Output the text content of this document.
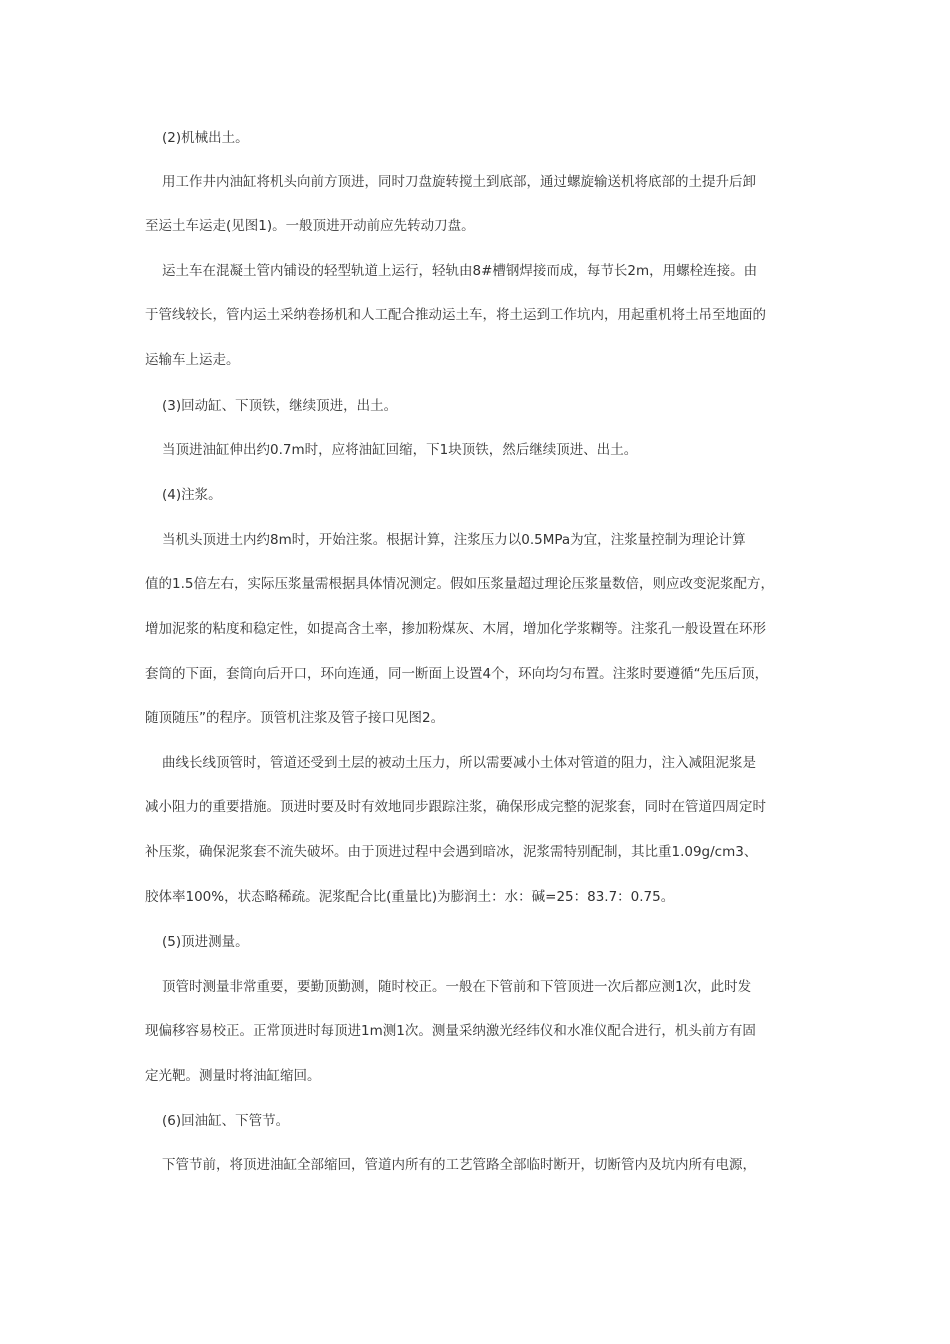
(2)机械出土。
用工作井内油缸将机头向前方顶进，同时刀盘旋转搅土到底部，通过螺旋输送机将底部的土提升后卸
至运土车运走(见图1)。一般顶进开动前应先转动刀盘。
运土车在混凝土管内铺设的轻型轨道上运行，轻轨由8#槽钢焊接而成，每节长2m，用螺栓连接。由
于管线较长，管内运土采纳卷扬机和人工配合推动运土车，将土运到工作坑内，用起重机将土吊至地面的
运输车上运走。
(3)回动缸、下顶铁，继续顶进，出土。
当顶进油缸伸出约0.7m时，应将油缸回缩，下1块顶铁，然后继续顶进、出土。
(4)注浆。
当机头顶进土内约8m时，开始注浆。根据计算，注浆压力以0.5MPa为宜，注浆量控制为理论计算
值的1.5倍左右，实际压浆量需根据具体情况测定。假如压浆量超过理论压浆量数倍，则应改变泥浆配方，
增加泥浆的粘度和稳定性，如提高含土率，掺加粉煤灰、木屑，增加化学浆糊等。注浆孔一般设置在环形
套筒的下面，套筒向后开口，环向连通，同一断面上设置4个，环向均匀布置。注浆时要遵循“先压后顶，
随顶随压”的程序。顶管机注浆及管子接口见图2。
曲线长线顶管时，管道还受到土层的被动土压力，所以需要减小土体对管道的阻力，注入减阻泥浆是
减小阻力的重要措施。顶进时要及时有效地同步跟踪注浆，确保形成完整的泥浆套，同时在管道四周定时
补压浆，确保泥浆套不流失破坏。由于顶进过程中会遇到暗冰，泥浆需特别配制，其比重1.09g/cm3、
胶体率100%，状态略稀疏。泥浆配合比(重量比)为膨润土：水：碱=25：83.7：0.75。
(5)顶进测量。
顶管时测量非常重要，要勤顶勤测，随时校正。一般在下管前和下管顶进一次后都应测1次，此时发
现偏移容易校正。正常顶进时每顶进1m测1次。测量采纳激光经纬仪和水准仪配合进行，机头前方有固
定光靶。测量时将油缸缩回。
(6)回油缸、下管节。
下管节前，将顶进油缸全部缩回，管道内所有的工艺管路全部临时断开，切断管内及坑内所有电源，
